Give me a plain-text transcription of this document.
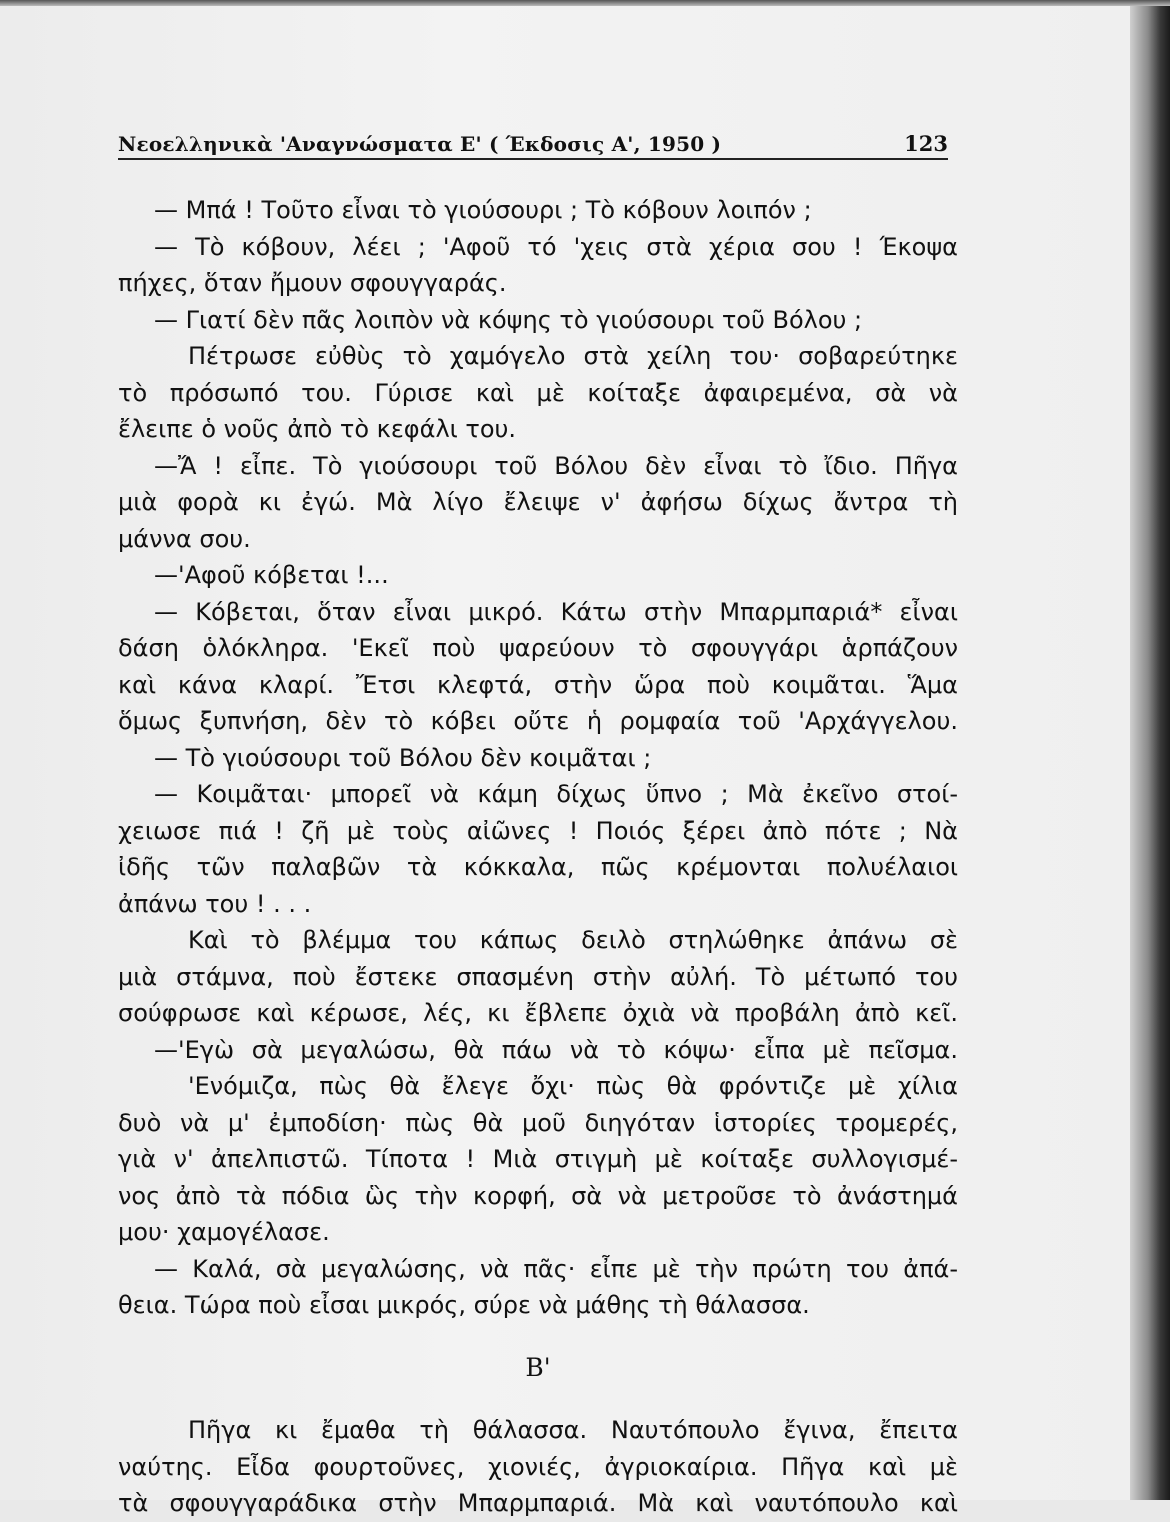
Νεοελληνικὰ 'Αναγνώσματα Ε' ( Έκδοσις Α', 1950 )	123
— Μπά ! Τοῦτο εἶναι τὸ γιούσουρι ; Τὸ κόβουν λοιπόν ;
— Τὸ κόβουν, λέει ; 'Αφοῦ τό 'χεις στὰ χέρια σου ! Έκοψα
πήχες, ὅταν ἤμουν σφουγγαράς.
— Γιατί δὲν πᾶς λοιπὸν νὰ κόψης τὸ γιούσουρι τοῦ Βόλου ;
Πέτρωσε εὐθὺς τὸ χαμόγελο στὰ χείλη του· σοβαρεύτηκε
τὸ πρόσωπό του. Γύρισε καὶ μὲ κοίταξε ἀφαιρεμένα, σὰ νὰ
ἔλειπε ὁ νοῦς ἀπὸ τὸ κεφάλι του.
—Ἄ ! εἶπε. Τὸ γιούσουρι τοῦ Βόλου δὲν εἶναι τὸ ἴδιο. Πῆγα
μιὰ φορὰ κι ἐγώ. Μὰ λίγο ἔλειψε ν' ἀφήσω δίχως ἄντρα τὴ
μάννα σου.
—'Αφοῦ κόβεται !...
— Κόβεται, ὅταν εἶναι μικρό. Κάτω στὴν Μπαρμπαριά* εἶναι
δάση ὁλόκληρα. 'Εκεῖ ποὺ ψαρεύουν τὸ σφουγγάρι ἁρπάζουν
καὶ κάνα κλαρί. Ἔτσι κλεφτά, στὴν ὥρα ποὺ κοιμᾶται. Ἅμα
ὅμως ξυπνήση, δὲν τὸ κόβει οὔτε ἡ ρομφαία τοῦ 'Αρχάγγελου.
— Τὸ γιούσουρι τοῦ Βόλου δὲν κοιμᾶται ;
— Κοιμᾶται· μπορεῖ νὰ κάμη δίχως ὕπνο ; Μὰ ἐκεῖνο στοί-
χειωσε πιά ! ζῆ μὲ τοὺς αἰῶνες ! Ποιός ξέρει ἀπὸ πότε ; Νὰ
ἰδῆς τῶν παλαβῶν τὰ κόκκαλα, πῶς κρέμονται πολυέλαιοι
ἀπάνω του ! . . .
Καὶ τὸ βλέμμα του κάπως δειλὸ στηλώθηκε ἀπάνω σὲ
μιὰ στάμνα, ποὺ ἔστεκε σπασμένη στὴν αὐλή. Τὸ μέτωπό του
σούφρωσε καὶ κέρωσε, λές, κι ἔβλεπε ὀχιὰ νὰ προβάλη ἀπὸ κεῖ.
—'Εγὼ σὰ μεγαλώσω, θὰ πάω νὰ τὸ κόψω· εἶπα μὲ πεῖσμα.
'Ενόμιζα, πὼς θὰ ἔλεγε ὄχι· πὼς θὰ φρόντιζε μὲ χίλια
δυὸ νὰ μ' ἐμποδίση· πὼς θὰ μοῦ διηγόταν ἱστορίες τρομερές,
γιὰ ν' ἀπελπιστῶ. Τίποτα ! Μιὰ στιγμὴ μὲ κοίταξε συλλογισμέ-
νος ἀπὸ τὰ πόδια ὣς τὴν κορφή, σὰ νὰ μετροῦσε τὸ ἀνάστημά
μου· χαμογέλασε.
— Καλά, σὰ μεγαλώσης, νὰ πᾶς· εἶπε μὲ τὴν πρώτη του ἀπά-
θεια. Τώρα ποὺ εἶσαι μικρός, σύρε νὰ μάθης τὴ θάλασσα.
Β'
Πῆγα κι ἔμαθα τὴ θάλασσα. Ναυτόπουλο ἔγινα, ἔπειτα
ναύτης. Εἶδα φουρτοῦνες, χιονιές, ἀγριοκαίρια. Πῆγα καὶ μὲ
τὰ σφουγγαράδικα στὴν Μπαρμπαριά. Μὰ καὶ ναυτόπουλο καὶ
